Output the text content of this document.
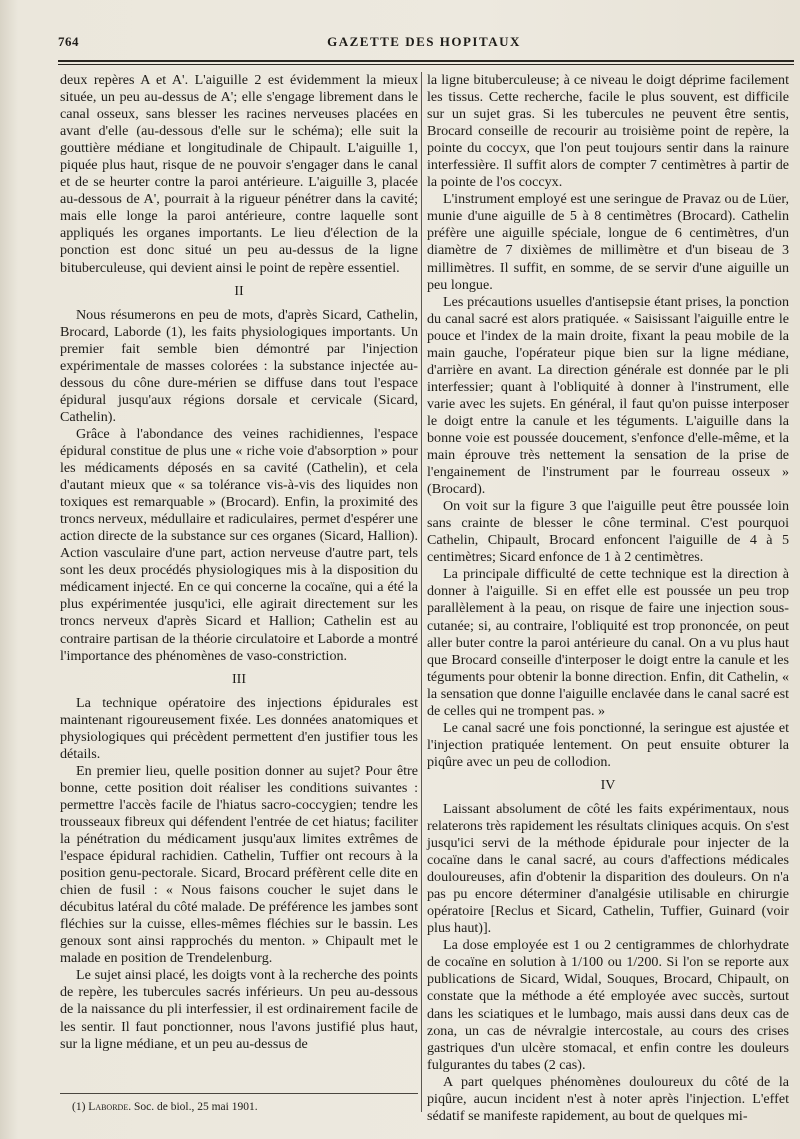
764	GAZETTE DES HOPITAUX

deux repères A et A'. L'aiguille 2 est évidemment la mieux située, un peu au-dessus de A'; elle s'engage librement dans le canal osseux, sans blesser les racines nerveuses placées en avant d'elle (au-dessous d'elle sur le schéma); elle suit la gouttière médiane et longitudinale de Chipault. L'aiguille 1, piquée plus haut, risque de ne pouvoir s'engager dans le canal et de se heurter contre la paroi antérieure. L'aiguille 3, placée au-dessous de A', pourrait à la rigueur pénétrer dans la cavité; mais elle longe la paroi antérieure, contre laquelle sont appliqués les organes importants. Le lieu d'élection de la ponction est donc situé un peu au-dessus de la ligne bituberculeuse, qui devient ainsi le point de repère essentiel.

II

Nous résumerons en peu de mots, d'après Sicard, Cathelin, Brocard, Laborde (1), les faits physiologiques importants. Un premier fait semble bien démontré par l'injection expérimentale de masses colorées : la substance injectée au-dessous du cône dure-mérien se diffuse dans tout l'espace épidural jusqu'aux régions dorsale et cervicale (Sicard, Cathelin).

Grâce à l'abondance des veines rachidiennes, l'espace épidural constitue de plus une « riche voie d'absorption » pour les médicaments déposés en sa cavité (Cathelin), et cela d'autant mieux que « sa tolérance vis-à-vis des liquides non toxiques est remarquable » (Brocard). Enfin, la proximité des troncs nerveux, médullaire et radiculaires, permet d'espérer une action directe de la substance sur ces organes (Sicard, Hallion). Action vasculaire d'une part, action nerveuse d'autre part, tels sont les deux procédés physiologiques mis à la disposition du médicament injecté. En ce qui concerne la cocaïne, qui a été la plus expérimentée jusqu'ici, elle agirait directement sur les troncs nerveux d'après Sicard et Hallion; Cathelin est au contraire partisan de la théorie circulatoire et Laborde a montré l'importance des phénomènes de vaso-constriction.

III

La technique opératoire des injections épidurales est maintenant rigoureusement fixée. Les données anatomiques et physiologiques qui précèdent permettent d'en justifier tous les détails.

En premier lieu, quelle position donner au sujet? Pour être bonne, cette position doit réaliser les conditions suivantes : permettre l'accès facile de l'hiatus sacro-coccygien; tendre les trousseaux fibreux qui défendent l'entrée de cet hiatus; faciliter la pénétration du médicament jusqu'aux limites extrêmes de l'espace épidural rachidien. Cathelin, Tuffier ont recours à la position genu-pectorale. Sicard, Brocard préfèrent celle dite en chien de fusil : « Nous faisons coucher le sujet dans le décubitus latéral du côté malade. De préférence les jambes sont fléchies sur la cuisse, elles-mêmes fléchies sur le bassin. Les genoux sont ainsi rapprochés du menton. » Chipault met le malade en position de Trendelenburg.

Le sujet ainsi placé, les doigts vont à la recherche des points de repère, les tubercules sacrés inférieurs. Un peu au-dessous de la naissance du pli interfessier, il est ordinairement facile de les sentir. Il faut ponctionner, nous l'avons justifié plus haut, sur la ligne médiane, et un peu au-dessus de

la ligne bituberculeuse; à ce niveau le doigt déprime facilement les tissus. Cette recherche, facile le plus souvent, est difficile sur un sujet gras. Si les tubercules ne peuvent être sentis, Brocard conseille de recourir au troisième point de repère, la pointe du coccyx, que l'on peut toujours sentir dans la rainure interfessière. Il suffit alors de compter 7 centimètres à partir de la pointe de l'os coccyx.

L'instrument employé est une seringue de Pravaz ou de Lüer, munie d'une aiguille de 5 à 8 centimètres (Brocard). Cathelin préfère une aiguille spéciale, longue de 6 centimètres, d'un diamètre de 7 dixièmes de millimètre et d'un biseau de 3 millimètres. Il suffit, en somme, de se servir d'une aiguille un peu longue.

Les précautions usuelles d'antisepsie étant prises, la ponction du canal sacré est alors pratiquée. « Saisissant l'aiguille entre le pouce et l'index de la main droite, fixant la peau mobile de la main gauche, l'opérateur pique bien sur la ligne médiane, d'arrière en avant. La direction générale est donnée par le pli interfessier; quant à l'obliquité à donner à l'instrument, elle varie avec les sujets. En général, il faut qu'on puisse interposer le doigt entre la canule et les téguments. L'aiguille dans la bonne voie est poussée doucement, s'enfonce d'elle-même, et la main éprouve très nettement la sensation de la prise de l'engainement de l'instrument par le fourreau osseux » (Brocard).

On voit sur la figure 3 que l'aiguille peut être poussée loin sans crainte de blesser le cône terminal. C'est pourquoi Cathelin, Chipault, Brocard enfoncent l'aiguille de 4 à 5 centimètres; Sicard enfonce de 1 à 2 centimètres.

La principale difficulté de cette technique est la direction à donner à l'aiguille. Si en effet elle est poussée un peu trop parallèlement à la peau, on risque de faire une injection sous-cutanée; si, au contraire, l'obliquité est trop prononcée, on peut aller buter contre la paroi antérieure du canal. On a vu plus haut que Brocard conseille d'interposer le doigt entre la canule et les téguments pour obtenir la bonne direction. Enfin, dit Cathelin, « la sensation que donne l'aiguille enclavée dans le canal sacré est de celles qui ne trompent pas. »

Le canal sacré une fois ponctionné, la seringue est ajustée et l'injection pratiquée lentement. On peut ensuite obturer la piqûre avec un peu de collodion.

IV

Laissant absolument de côté les faits expérimentaux, nous relaterons très rapidement les résultats cliniques acquis. On s'est jusqu'ici servi de la méthode épidurale pour injecter de la cocaïne dans le canal sacré, au cours d'affections médicales douloureuses, afin d'obtenir la disparition des douleurs. On n'a pas pu encore déterminer d'analgésie utilisable en chirurgie opératoire [Reclus et Sicard, Cathelin, Tuffier, Guinard (voir plus haut)].

La dose employée est 1 ou 2 centigrammes de chlorhydrate de cocaïne en solution à 1/100 ou 1/200. Si l'on se reporte aux publications de Sicard, Widal, Souques, Brocard, Chipault, on constate que la méthode a été employée avec succès, surtout dans les sciatiques et le lumbago, mais aussi dans deux cas de zona, un cas de névralgie intercostale, au cours des crises gastriques d'un ulcère stomacal, et enfin contre les douleurs fulgurantes du tabes (2 cas).

A part quelques phénomènes douloureux du côté de la piqûre, aucun incident n'est à noter après l'injection. L'effet sédatif se manifeste rapidement, au bout de quelques mi-

(1) Laborde. Soc. de biol., 25 mai 1901.
